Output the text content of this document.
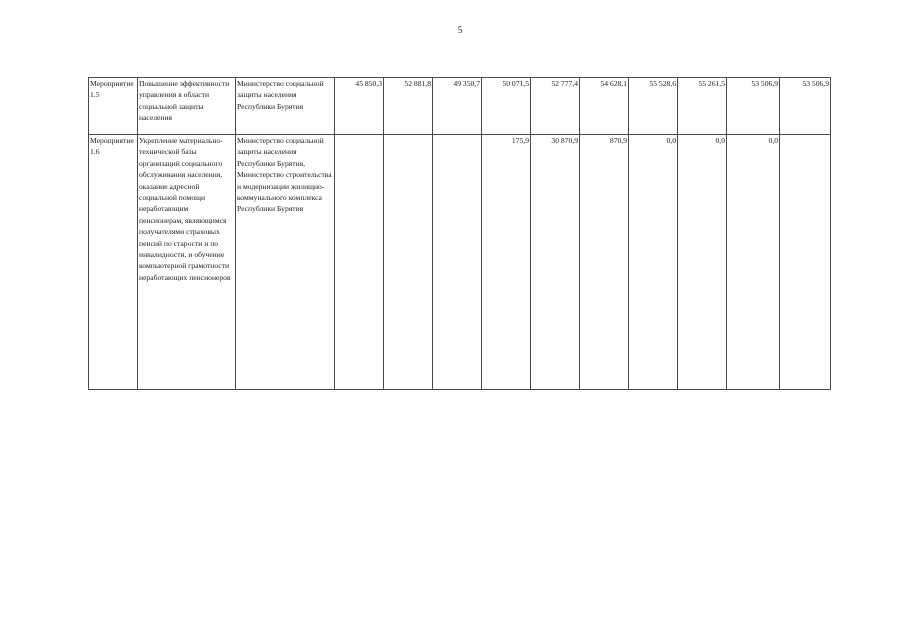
5
Мероприятие 1.5	Повышение эффективности управления в области социальной защиты населения	Министерство социальной защиты населения Республики Бурятия	45 850,3	52 881,8	49 350,7	50 071,5	52 777,4	54 628,1	55 528,6	55 261,5	53 506,9	53 506,9
Мероприятие 1.6	Укрепление материально-технической базы организаций социального обслуживания населения, оказание адресной социальной помощи неработающим пенсионерам, являющимся получателями страховых пенсий по старости и по инвалидности, и обучение компьютерной грамотности неработающих пенсионеров	Министерство социальной защиты населения Республики Бурятия, Министерство строительства и модернизации жилищно-коммунального комплекса Республики Бурятия				175,9	30 870,9	870,9	0,0	0,0	0,0	
